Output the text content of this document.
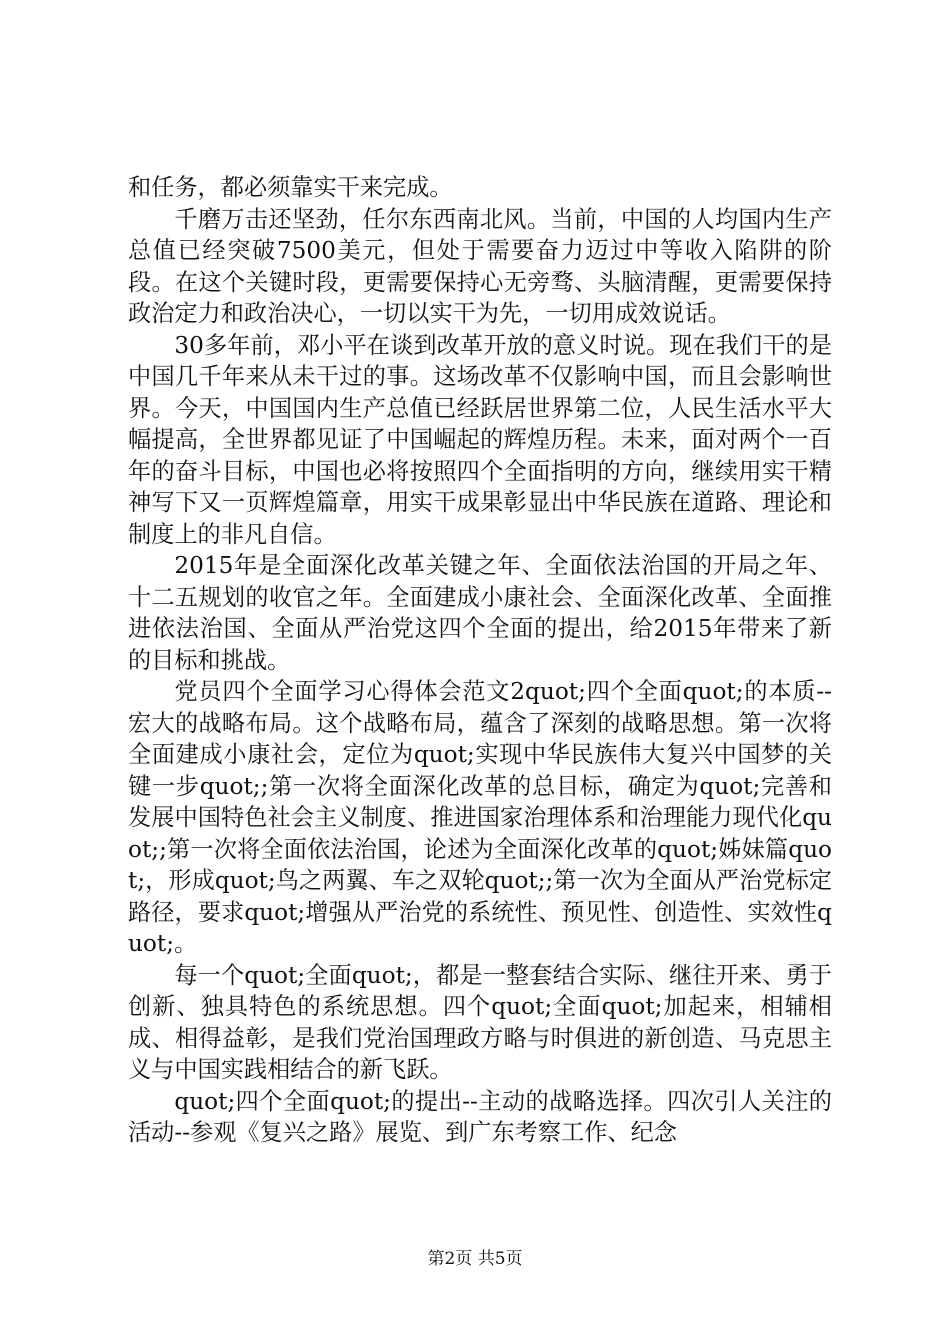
和任务，都必须靠实干来完成。

千磨万击还坚劲，任尔东西南北风。当前，中国的人均国内生产总值已经突破7500美元，但处于需要奋力迈过中等收入陷阱的阶段。在这个关键时段，更需要保持心无旁骛、头脑清醒，更需要保持政治定力和政治决心，一切以实干为先，一切用成效说话。

30多年前，邓小平在谈到改革开放的意义时说。现在我们干的是中国几千年来从未干过的事。这场改革不仅影响中国，而且会影响世界。今天，中国国内生产总值已经跃居世界第二位，人民生活水平大幅提高，全世界都见证了中国崛起的辉煌历程。未来，面对两个一百年的奋斗目标，中国也必将按照四个全面指明的方向，继续用实干精神写下又一页辉煌篇章，用实干成果彰显出中华民族在道路、理论和制度上的非凡自信。

2015年是全面深化改革关键之年、全面依法治国的开局之年、十二五规划的收官之年。全面建成小康社会、全面深化改革、全面推进依法治国、全面从严治党这四个全面的提出，给2015年带来了新的目标和挑战。

党员四个全面学习心得体会范文2quot;四个全面quot;的本质--宏大的战略布局。这个战略布局，蕴含了深刻的战略思想。第一次将全面建成小康社会，定位为quot;实现中华民族伟大复兴中国梦的关键一步quot;;第一次将全面深化改革的总目标，确定为quot;完善和发展中国特色社会主义制度、推进国家治理体系和治理能力现代化quot;;第一次将全面依法治国，论述为全面深化改革的quot;姊妹篇quot;，形成quot;鸟之两翼、车之双轮quot;;第一次为全面从严治党标定路径，要求quot;增强从严治党的系统性、预见性、创造性、实效性quot;。

每一个quot;全面quot;，都是一整套结合实际、继往开来、勇于创新、独具特色的系统思想。四个quot;全面quot;加起来，相辅相成、相得益彰，是我们党治国理政方略与时俱进的新创造、马克思主义与中国实践相结合的新飞跃。

quot;四个全面quot;的提出--主动的战略选择。四次引人关注的活动--参观《复兴之路》展览、到广东考察工作、纪念

第2页 共5页
